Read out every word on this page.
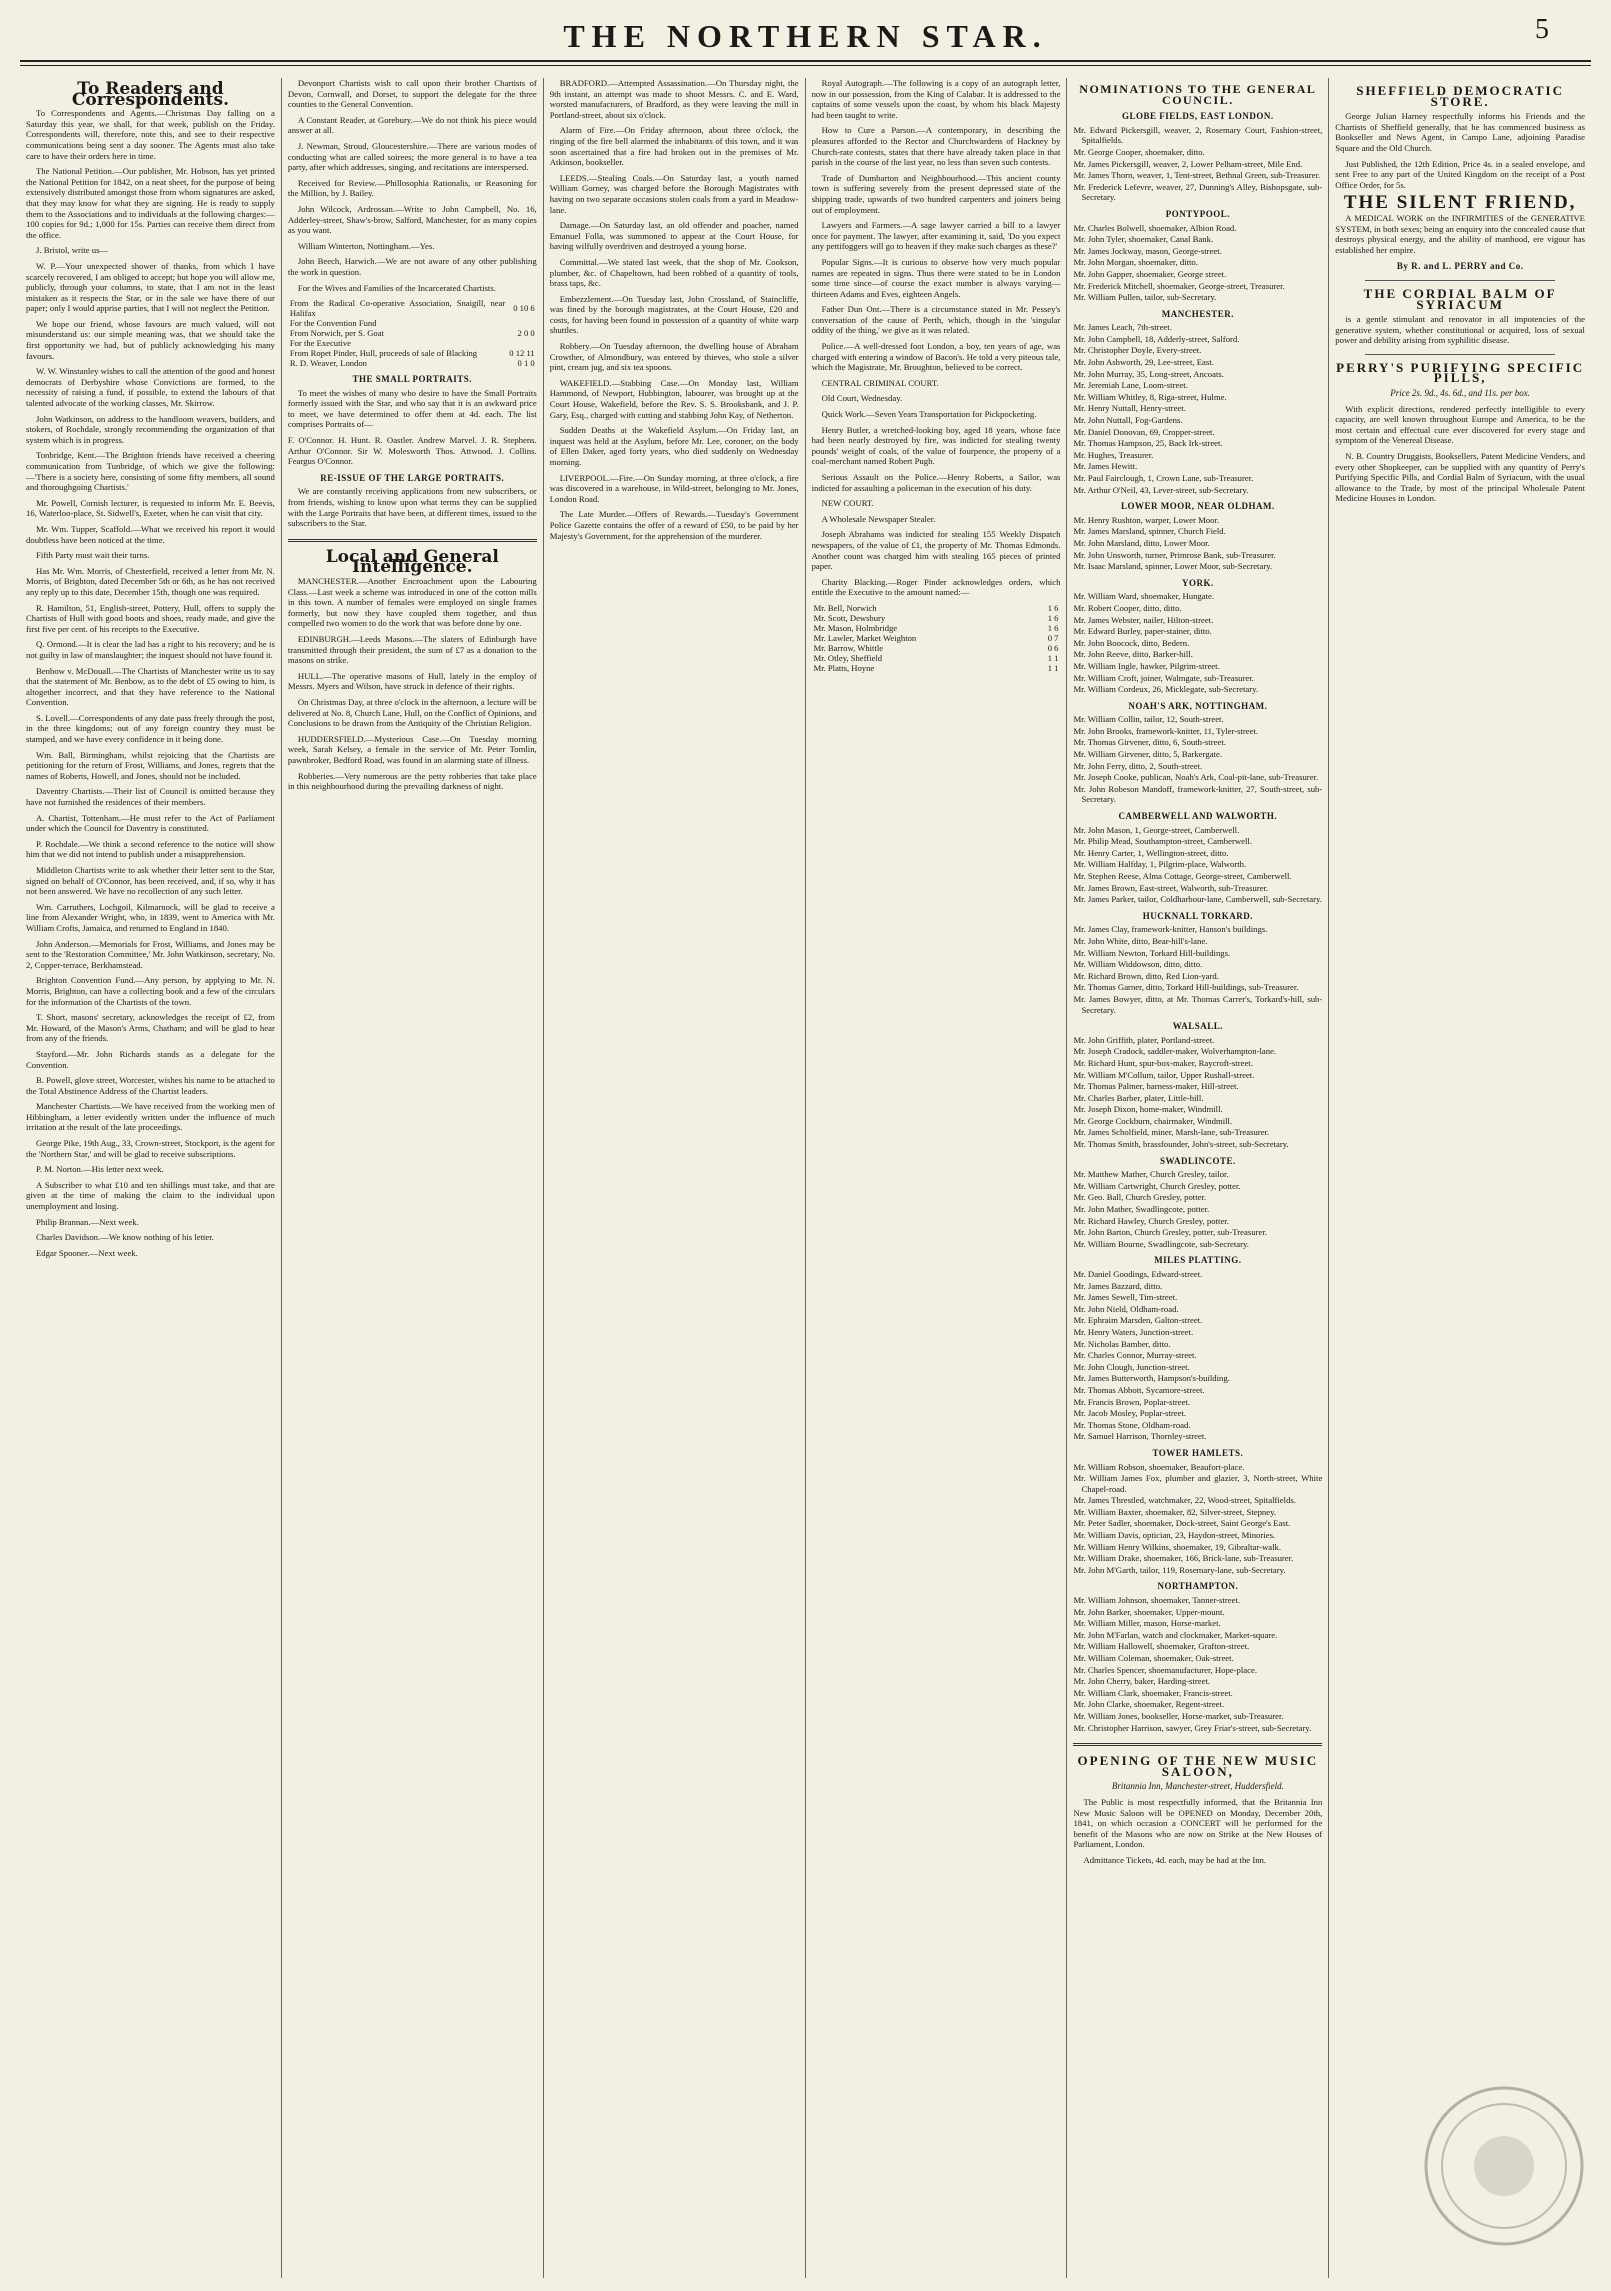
THE NORTHERN STAR.	5
To Readers and Correspondents.

To Correspondents and Agents.—Christmas Day falling on a Saturday this year, we shall, for that week, publish on the Friday. Correspondents will, therefore, note this, and see to their respective communications being sent a day sooner. The Agents must also take care to have their orders here in time.

The National Petition.—Our publisher, Mr. Hobson, has yet printed the National Petition for 1842, on a neat sheet, for the purpose of being extensively distributed amongst those from whom signatures are asked, that they may know for what they are signing. He is ready to supply them to the Associations and to individuals at the following charges:—100 copies for 9d.; 1,000 for 15s. Parties can receive them direct from the office.

J. Bristol, write us—

W. P.—Your unexpected shower of thanks, from which I have scarcely recovered, I am obliged to accept; but hope you will allow me, publicly, through your columns, to state, that I am not in the least mistaken as it respects the Star, or in the sale we have there of our paper; only I would apprise parties, that I will not neglect the Petition.

We hope our friend, whose favours are much valued, will not misunderstand us: our simple meaning was, that we should take the first opportunity we had, but of publicly acknowledging his many favours.

W. W. Winstanley wishes to call the attention of the good and honest democrats of Derbyshire whose Convictions are formed, to the necessity of raising a fund, if possible, to extend the labours of that talented advocate of the working classes, Mr. Skirrow.

John Watkinson, on address to the handloom weavers, builders, and stokers, of Rochdale, strongly recommending the organization of that system which is in progress.

Tonbridge, Kent.—The Brighton friends have received a cheering communication from Tunbridge, of which we give the following:—'There is a society here, consisting of some fifty members, all sound and thoroughgoing Chartists.'

Mr. Powell, Cornish lecturer, is requested to inform Mr. E. Beevis, 16, Waterloo-place, St. Sidwell's, Exeter, when he can visit that city.

Mr. Wm. Tupper, Scaffold.—What we received his report it would doubtless have been noticed at the time.

Fifth Party must wait their turns.

Has Mr. Wm. Morris, of Chesterfield, received a letter from Mr. N. Morris, of Brighton, dated December 5th or 6th, as he has not received any reply up to this date, December 15th, though one was required.

R. Hamilton, 51, English-street, Pottery, Hull, offers to supply the Chartists of Hull with good boots and shoes, ready made, and give the first five per cent. of his receipts to the Executive.

Q. Ormond.—It is clear the lad has a right to his recovery; and he is not guilty in law of manslaughter; the inquest should not have found it.

Benbow v. McDouall.—The Chartists of Manchester write us to say that the statement of Mr. Benbow, as to the debt of £5 owing to him, is altogether incorrect, and that they have reference to the National Convention.

S. Lovell.—Correspondents of any date pass freely through the post, in the three kingdoms; out of any foreign country they must be stamped, and we have every confidence in it being done.

Wm. Ball, Birmingham, whilst rejoicing that the Chartists are petitioning for the return of Frost, Williams, and Jones, regrets that the names of Roberts, Howell, and Jones, should not be included.

Daventry Chartists.—Their list of Council is omitted because they have not furnished the residences of their members.

A. Chartist, Tottenham.—He must refer to the Act of Parliament under which the Council for Daventry is constituted.

P. Rochdale.—We think a second reference to the notice will show him that we did not intend to publish under a misapprehension.

Middleton Chartists write to ask whether their letter sent to the Star, signed on behalf of O'Connor, has been received, and, if so, why it has not been answered. We have no recollection of any such letter.

Wm. Carruthers, Lochgoil, Kilmarnock, will be glad to receive a line from Alexander Wright, who, in 1839, went to America with Mr. William Crofts, Jamaica, and returned to England in 1840.

John Anderson.—Memorials for Frost, Williams, and Jones may be sent to the 'Restoration Committee,' Mr. John Watkinson, secretary, No. 2, Copper-terrace, Berkhamstead.

Brighton Convention Fund.—Any person, by applying to Mr. N. Morris, Brighton, can have a collecting book and a few of the circulars for the information of the Chartists of the town.

T. Short, masons' secretary, acknowledges the receipt of £2, from Mr. Howard, of the Mason's Arms, Chatham; and will be glad to hear from any of the friends.

Stayford.—Mr. John Richards stands as a delegate for the Convention.

B. Powell, glove street, Worcester, wishes his name to be attached to the Total Abstinence Address of the Chartist leaders.

Manchester Chartists.—We have received from the working men of Hibbingham, a letter evidently written under the influence of much irritation at the result of the late proceedings.

George Pike, 19th Aug., 33, Crown-street, Stockport, is the agent for the 'Northern Star,' and will be glad to receive subscriptions.

P. M. Norton.—His letter next week.

A Subscriber to what £10 and ten shillings must take, and that are given at the time of making the claim to the individual upon unemployment and losing.

Philip Brannan.—Next week.

Charles Davidson.—We know nothing of his letter.

Edgar Spooner.—Next week.

Devonport Chartists wish to call upon their brother Chartists of Devon, Cornwall, and Dorset, to support the delegate for the three counties to the General Convention.

A Constant Reader, at Gorebury.—We do not think his piece would answer at all.

J. Newman, Stroud, Gloucestershire.—There are various modes of conducting what are called soirees; the more general is to have a tea party, after which addresses, singing, and recitations are interspersed.

Received for Review.—Phillosophia Rationalis, or Reasoning for the Million, by J. Bailey.

John Wilcock, Ardrossan.—Write to John Campbell, No. 16, Adderley-street, Shaw's-brow, Salford, Manchester, for as many copies as you want.

William Winterton, Nottingham.—Yes.

John Beech, Harwich.—We are not aware of any other publishing the work in question.

For the Wives and Families of the Incarcerated Chartists.

From the Radical Co-operative Association, Snaigill, near Halifax	0 10 6
For the Convention Fund	
From Norwich, per S. Goat	2 0 0
For the Executive	
From Ropet Pinder, Hull, proceeds of sale of Blacking	0 12 11
R. D. Weaver, London	0 1 0
THE SMALL PORTRAITS.

To meet the wishes of many who desire to have the Small Portraits formerly issued with the Star, and who say that it is an awkward price to meet, we have determined to offer them at 4d. each. The list comprises Portraits of—

F. O'Connor. H. Hunt. R. Oastler. Andrew Marvel. J. R. Stephens. Arthur O'Connor. Sir W. Molesworth Thos. Attwood. J. Collins. Feargus O'Connor.

RE-ISSUE OF THE LARGE PORTRAITS.

We are constantly receiving applications from new subscribers, or from friends, wishing to know upon what terms they can be supplied with the Large Portraits that have been, at different times, issued to the subscribers to the Star.

Local and General Intelligence.

MANCHESTER.—Another Encroachment upon the Labouring Class.—Last week a scheme was introduced in one of the cotton mills in this town. A number of females were employed on single frames formerly, but now they have coupled them together, and thus compelled two women to do the work that was before done by one.

EDINBURGH.—Leeds Masons.—The slaters of Edinburgh have transmitted through their president, the sum of £7 as a donation to the masons on strike.

HULL.—The operative masons of Hull, lately in the employ of Messrs. Myers and Wilson, have struck in defence of their rights.

On Christmas Day, at three o'clock in the afternoon, a lecture will be delivered at No. 8, Church Lane, Hull, on the Conflict of Opinions, and Conclusions to be drawn from the Antiquity of the Christian Religion.

HUDDERSFIELD.—Mysterious Case.—On Tuesday morning week, Sarah Kelsey, a female in the service of Mr. Peter Tomlin, pawnbroker, Bedford Road, was found in an alarming state of illness.

Robberies.—Very numerous are the petty robberies that take place in this neighbourhood during the prevailing darkness of night.

BRADFORD.—Attempted Assassination.—On Thursday night, the 9th instant, an attempt was made to shoot Messrs. C. and E. Ward, worsted manufacturers, of Bradford, as they were leaving the mill in Portland-street, about six o'clock.

Alarm of Fire.—On Friday afternoon, about three o'clock, the ringing of the fire bell alarmed the inhabitants of this town, and it was soon ascertained that a fire had broken out in the premises of Mr. Atkinson, bookseller.

LEEDS.—Stealing Coals.—On Saturday last, a youth named William Gorney, was charged before the Borough Magistrates with having on two separate occasions stolen coals from a yard in Meadow-lane.

Damage.—On Saturday last, an old offender and poacher, named Emanuel Folla, was summoned to appear at the Court House, for having wilfully overdriven and destroyed a young horse.

Committal.—We stated last week, that the shop of Mr. Cookson, plumber, &c. of Chapeltown, had been robbed of a quantity of tools, brass taps, &c.

Embezzlement.—On Tuesday last, John Crossland, of Staincliffe, was fined by the borough magistrates, at the Court House, £20 and costs, for having been found in possession of a quantity of white warp shuttles.

Robbery.—On Tuesday afternoon, the dwelling house of Abraham Crowther, of Almondbury, was entered by thieves, who stole a silver pint, cream jug, and six tea spoons.

WAKEFIELD.—Stabbing Case.—On Monday last, William Hammond, of Newport, Hubbington, labourer, was brought up at the Court House, Wakefield, before the Rev. S. S. Brooksbank, and J. P. Gary, Esq., charged with cutting and stabbing John Kay, of Netherton.

Sudden Deaths at the Wakefield Asylum.—On Friday last, an inquest was held at the Asylum, before Mr. Lee, coroner, on the body of Ellen Daker, aged forty years, who died suddenly on Wednesday morning.

LIVERPOOL.—Fire.—On Sunday morning, at three o'clock, a fire was discovered in a warehouse, in Wild-street, belonging to Mr. Jones, London Road.

The Late Murder.—Offers of Rewards.—Tuesday's Government Police Gazette contains the offer of a reward of £50, to be paid by her Majesty's Government, for the apprehension of the murderer.

Royal Autograph.—The following is a copy of an autograph letter, now in our possession, from the King of Calabar. It is addressed to the captains of some vessels upon the coast, by whom his black Majesty had been taught to write.

How to Cure a Parson.—A contemporary, in describing the pleasures afforded to the Rector and Churchwardens of Hackney by Church-rate contests, states that there have already taken place in that parish in the course of the last year, no less than seven such contests.

Trade of Dumbarton and Neighbourhood.—This ancient county town is suffering severely from the present depressed state of the shipping trade, upwards of two hundred carpenters and joiners being out of employment.

Lawyers and Farmers.—A sage lawyer carried a bill to a lawyer once for payment. The lawyer, after examining it, said, 'Do you expect any pettifoggers will go to heaven if they make such charges as these?'

Popular Signs.—It is curious to observe how very much popular names are repeated in signs. Thus there were stated to be in London some time since—of course the exact number is always varying—thirteen Adams and Eves, eighteen Angels.

Father Dun Ont.—There is a circumstance stated in Mr. Pessey's conversation of the cause of Perth, which, though in the 'singular oddity of the thing,' we give as it was related.

Police.—A well-dressed foot London, a boy, ten years of age, was charged with entering a window of Bacon's. He told a very piteous tale, which the Magistrate, Mr. Broughton, believed to be correct.

CENTRAL CRIMINAL COURT.

Old Court, Wednesday.

Quick Work.—Seven Years Transportation for Pickpocketing.

Henry Butler, a wretched-looking boy, aged 18 years, whose face had been nearly destroyed by fire, was indicted for stealing twenty pounds' weight of coals, of the value of fourpence, the property of a coal-merchant named Robert Pugh.

Serious Assault on the Police.—Henry Roberts, a Sailor, was indicted for assaulting a policeman in the execution of his duty.

NEW COURT.

A Wholesale Newspaper Stealer.

Joseph Abrahams was indicted for stealing 155 Weekly Dispatch newspapers, of the value of £1, the property of Mr. Thomas Edmonds. Another count was charged him with stealing 165 pieces of printed paper.

Charity Blacking.—Roger Pinder acknowledges orders, which entitle the Executive to the amount named:—

Mr. Bell, Norwich	1 6
Mr. Scott, Dewsbury	1 6
Mr. Mason, Holmbridge	1 6
Mr. Lawler, Market Weighton	0 7
Mr. Barrow, Whittle	0 6
Mr. Otley, Sheffield	1 1
Mr. Platts, Hoyne	1 1
NOMINATIONS TO THE GENERAL COUNCIL.
GLOBE FIELDS, EAST LONDON.
Mr. Edward Pickersgill, weaver, 2, Rosemary Court, Fashion-street, Spitalfields.
Mr. George Cooper, shoemaker, ditto.
Mr. James Pickersgill, weaver, 2, Lower Pelham-street, Mile End.
Mr. James Thorn, weaver, 1, Tent-street, Bethnal Green, sub-Treasurer.
Mr. Frederick Lefevre, weaver, 27, Dunning's Alley, Bishopsgate, sub-Secretary.
PONTYPOOL.
Mr. Charles Bolwell, shoemaker, Albion Road.
Mr. John Tyler, shoemaker, Canal Bank.
Mr. James Jockway, mason, George-street.
Mr. John Morgan, shoemaker, ditto.
Mr. John Gapper, shoemaker, George street.
Mr. Frederick Mitchell, shoemaker, George-street, Treasurer.
Mr. William Pullen, tailor, sub-Secretary.
MANCHESTER.
Mr. James Leach, 7th-street.
Mr. John Campbell, 18, Adderly-street, Salford.
Mr. Christopher Doyle, Every-street.
Mr. John Ashworth, 29, Lee-street, East.
Mr. John Murray, 35, Long-street, Ancoats.
Mr. Jeremiah Lane, Loom-street.
Mr. William Whitley, 8, Riga-street, Hulme.
Mr. Henry Nuttall, Henry-street.
Mr. John Nuttall, Fog-Gardens.
Mr. Daniel Donovan, 69, Cropper-street.
Mr. Thomas Hampson, 25, Back Irk-street.
Mr. Hughes, Treasurer.
Mr. James Hewitt.
Mr. Paul Fairclough, 1, Crown Lane, sub-Treasurer.
Mr. Arthur O'Neil, 43, Lever-street, sub-Secretary.
LOWER MOOR, NEAR OLDHAM.
Mr. Henry Rushton, warper, Lower Moor.
Mr. James Marsland, spinner, Church Field.
Mr. John Marsland, ditto, Lower Moor.
Mr. John Unsworth, turner, Primrose Bank, sub-Treasurer.
Mr. Isaac Marsland, spinner, Lower Moor, sub-Secretary.
YORK.
Mr. William Ward, shoemaker, Hungate.
Mr. Robert Cooper, ditto, ditto.
Mr. James Webster, nailer, Hilton-street.
Mr. Edward Burley, paper-stainer, ditto.
Mr. John Boocock, ditto, Bedern.
Mr. John Reeve, ditto, Barker-hill.
Mr. William Ingle, hawker, Pilgrim-street.
Mr. William Croft, joiner, Walmgate, sub-Treasurer.
Mr. William Cordeux, 26, Micklegate, sub-Secretary.
NOAH'S ARK, NOTTINGHAM.
Mr. William Collin, tailor, 12, South-street.
Mr. John Brooks, framework-knitter, 11, Tyler-street.
Mr. Thomas Girvener, ditto, 6, South-street.
Mr. William Girvener, ditto, 5, Barkergate.
Mr. John Ferry, ditto, 2, South-street.
Mr. Joseph Cooke, publican, Noah's Ark, Coal-pit-lane, sub-Treasurer.
Mr. John Robeson Mandoff, framework-knitter, 27, South-street, sub-Secretary.
CAMBERWELL AND WALWORTH.
Mr. John Mason, 1, George-street, Camberwell.
Mr. Philip Mead, Southampton-street, Camberwell.
Mr. Henry Carter, 1, Wellington-street, ditto.
Mr. William Halfday, 1, Pilgrim-place, Walworth.
Mr. Stephen Reese, Alma Cottage, George-street, Camberwell.
Mr. James Brown, East-street, Walworth, sub-Treasurer.
Mr. James Parker, tailor, Coldharbour-lane, Camberwell, sub-Secretary.
HUCKNALL TORKARD.
Mr. James Clay, framework-knitter, Hanson's buildings.
Mr. John White, ditto, Bear-hill's-lane.
Mr. William Newton, Torkard Hill-buildings.
Mr. William Widdowson, ditto, ditto.
Mr. Richard Brown, ditto, Red Lion-yard.
Mr. Thomas Garner, ditto, Torkard Hill-buildings, sub-Treasurer.
Mr. James Bowyer, ditto, at Mr. Thomas Carrer's, Torkard's-hill, sub-Secretary.
WALSALL.
Mr. John Griffith, plater, Portland-street.
Mr. Joseph Cradock, saddler-maker, Wolverhampton-lane.
Mr. Richard Hunt, spur-box-maker, Raycroft-street.
Mr. William M'Collum, tailor, Upper Rushall-street.
Mr. Thomas Palmer, harness-maker, Hill-street.
Mr. Charles Barber, plater, Little-hill.
Mr. Joseph Dixon, home-maker, Windmill.
Mr. George Cockburn, chairmaker, Windmill.
Mr. James Scholfield, miner, Marsh-lane, sub-Treasurer.
Mr. Thomas Smith, brassfounder, John's-street, sub-Secretary.
SWADLINCOTE.
Mr. Matthew Mather, Church Gresley, tailor.
Mr. William Cartwright, Church Gresley, potter.
Mr. Geo. Ball, Church Gresley, potter.
Mr. John Mather, Swadlingcote, potter.
Mr. Richard Hawley, Church Gresley, potter.
Mr. John Barton, Church Gresley, potter, sub-Treasurer.
Mr. William Bourne, Swadlingcote, sub-Secretary.
MILES PLATTING.
Mr. Daniel Goodings, Edward-street.
Mr. James Bazzard, ditto.
Mr. James Sewell, Tim-street.
Mr. John Nield, Oldham-road.
Mr. Ephraim Marsden, Galton-street.
Mr. Henry Waters, Junction-street.
Mr. Nicholas Bamber, ditto.
Mr. Charles Connor, Murray-street.
Mr. John Clough, Junction-street.
Mr. James Butterworth, Hampson's-building.
Mr. Thomas Abbott, Sycamore-street.
Mr. Francis Brown, Poplar-street.
Mr. Jacob Mosley, Poplar-street.
Mr. Thomas Stone, Oldham-road.
Mr. Samuel Harrison, Thornley-street.
TOWER HAMLETS.
Mr. William Robson, shoemaker, Beaufort-place.
Mr. William James Fox, plumber and glazier, 3, North-street, White Chapel-road.
Mr. James Threstled, watchmaker, 22, Wood-street, Spitalfields.
Mr. William Baxter, shoemaker, 82, Silver-street, Stepney.
Mr. Peter Sadler, shoemaker, Dock-street, Saint George's East.
Mr. William Davis, optician, 23, Haydon-street, Minories.
Mr. William Henry Wilkins, shoemaker, 19, Gibraltar-walk.
Mr. William Drake, shoemaker, 166, Brick-lane, sub-Treasurer.
Mr. John M'Garth, tailor, 119, Rosemary-lane, sub-Secretary.
NORTHAMPTON.
Mr. William Johnson, shoemaker, Tanner-street.
Mr. John Barker, shoemaker, Upper-mount.
Mr. William Miller, mason, Horse-market.
Mr. John M'Farlan, watch and clockmaker, Market-square.
Mr. William Hallowell, shoemaker, Grafton-street.
Mr. William Coleman, shoemaker, Oak-street.
Mr. Charles Spencer, shoemanufacturer, Hope-place.
Mr. John Cherry, baker, Harding-street.
Mr. William Clark, shoemaker, Francis-street.
Mr. John Clarke, shoemaker, Regent-street.
Mr. William Jones, bookseller, Horse-market, sub-Treasurer.
Mr. Christopher Harrison, sawyer, Grey Friar's-street, sub-Secretary.
OPENING OF THE NEW MUSIC SALOON,
Britannia Inn, Manchester-street, Huddersfield.

The Public is most respectfully informed, that the Britannia Inn New Music Saloon will be OPENED on Monday, December 20th, 1841, on which occasion a CONCERT will be performed for the benefit of the Masons who are now on Strike at the New Houses of Parliament, London.

Admittance Tickets, 4d. each, may be had at the Inn.

SHEFFIELD DEMOCRATIC STORE.

George Julian Harney respectfully informs his Friends and the Chartists of Sheffield generally, that he has commenced business as Bookseller and News Agent, in Campo Lane, adjoining Paradise Square and the Old Church.

Just Published, the 12th Edition, Price 4s. in a sealed envelope, and sent Free to any part of the United Kingdom on the receipt of a Post Office Order, for 5s.

THE SILENT FRIEND,

A MEDICAL WORK on the INFIRMITIES of the GENERATIVE SYSTEM, in both sexes; being an enquiry into the concealed cause that destroys physical energy, and the ability of manhood, ere vigour has established her empire.

By R. and L. PERRY and Co.
THE CORDIAL BALM OF SYRIACUM

is a gentle stimulant and renovator in all impotencies of the generative system, whether constitutional or acquired, loss of sexual power and debility arising from syphilitic disease.

PERRY'S PURIFYING SPECIFIC PILLS,
Price 2s. 9d., 4s. 6d., and 11s. per box.

With explicit directions, rendered perfectly intelligible to every capacity, are well known throughout Europe and America, to be the most certain and effectual cure ever discovered for every stage and symptom of the Venereal Disease.

N. B. Country Druggists, Booksellers, Patent Medicine Venders, and every other Shopkeeper, can be supplied with any quantity of Perry's Purifying Specific Pills, and Cordial Balm of Syriacum, with the usual allowance to the Trade, by most of the principal Wholesale Patent Medicine Houses in London.
